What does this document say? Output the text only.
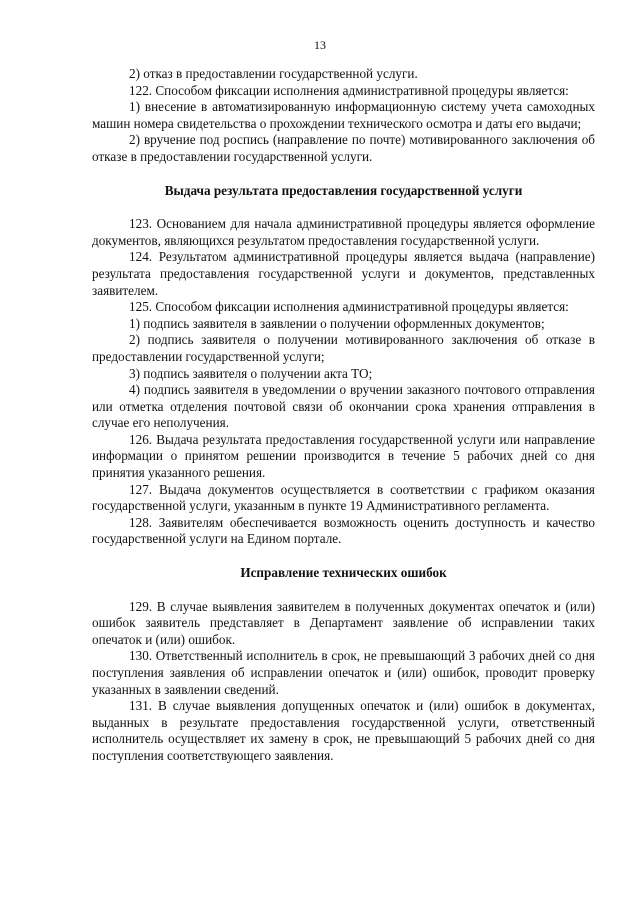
13

2) отказ в предоставлении государственной услуги.

122. Способом фиксации исполнения административной процедуры является:

1) внесение в автоматизированную информационную систему учета самоходных машин номера свидетельства о прохождении технического осмотра и даты его выдачи;

2) вручение под роспись (направление по почте) мотивированного заключения об отказе в предоставлении государственной услуги.

Выдача результата предоставления государственной услуги

123. Основанием для начала административной процедуры является оформление документов, являющихся результатом предоставления государственной услуги.

124. Результатом административной процедуры является выдача (направление) результата предоставления государственной услуги и документов, представленных заявителем.

125. Способом фиксации исполнения административной процедуры является:

1) подпись заявителя в заявлении о получении оформленных документов;

2) подпись заявителя о получении мотивированного заключения об отказе в предоставлении государственной услуги;

3) подпись заявителя о получении акта ТО;

4) подпись заявителя в уведомлении о вручении заказного почтового отправления или отметка отделения почтовой связи об окончании срока хранения отправления в случае его неполучения.

126. Выдача результата предоставления государственной услуги или направление информации о принятом решении производится в течение 5 рабочих дней со дня принятия указанного решения.

127. Выдача документов осуществляется в соответствии с графиком оказания государственной услуги, указанным в пункте 19 Административного регламента.

128. Заявителям обеспечивается возможность оценить доступность и качество государственной услуги на Едином портале.

Исправление технических ошибок

129. В случае выявления заявителем в полученных документах опечаток и (или) ошибок заявитель представляет в Департамент заявление об исправлении таких опечаток и (или) ошибок.

130. Ответственный исполнитель в срок, не превышающий 3 рабочих дней со дня поступления заявления об исправлении опечаток и (или) ошибок, проводит проверку указанных в заявлении сведений.

131. В случае выявления допущенных опечаток и (или) ошибок в документах, выданных в результате предоставления государственной услуги, ответственный исполнитель осуществляет их замену в срок, не превышающий 5 рабочих дней со дня поступления соответствующего заявления.
